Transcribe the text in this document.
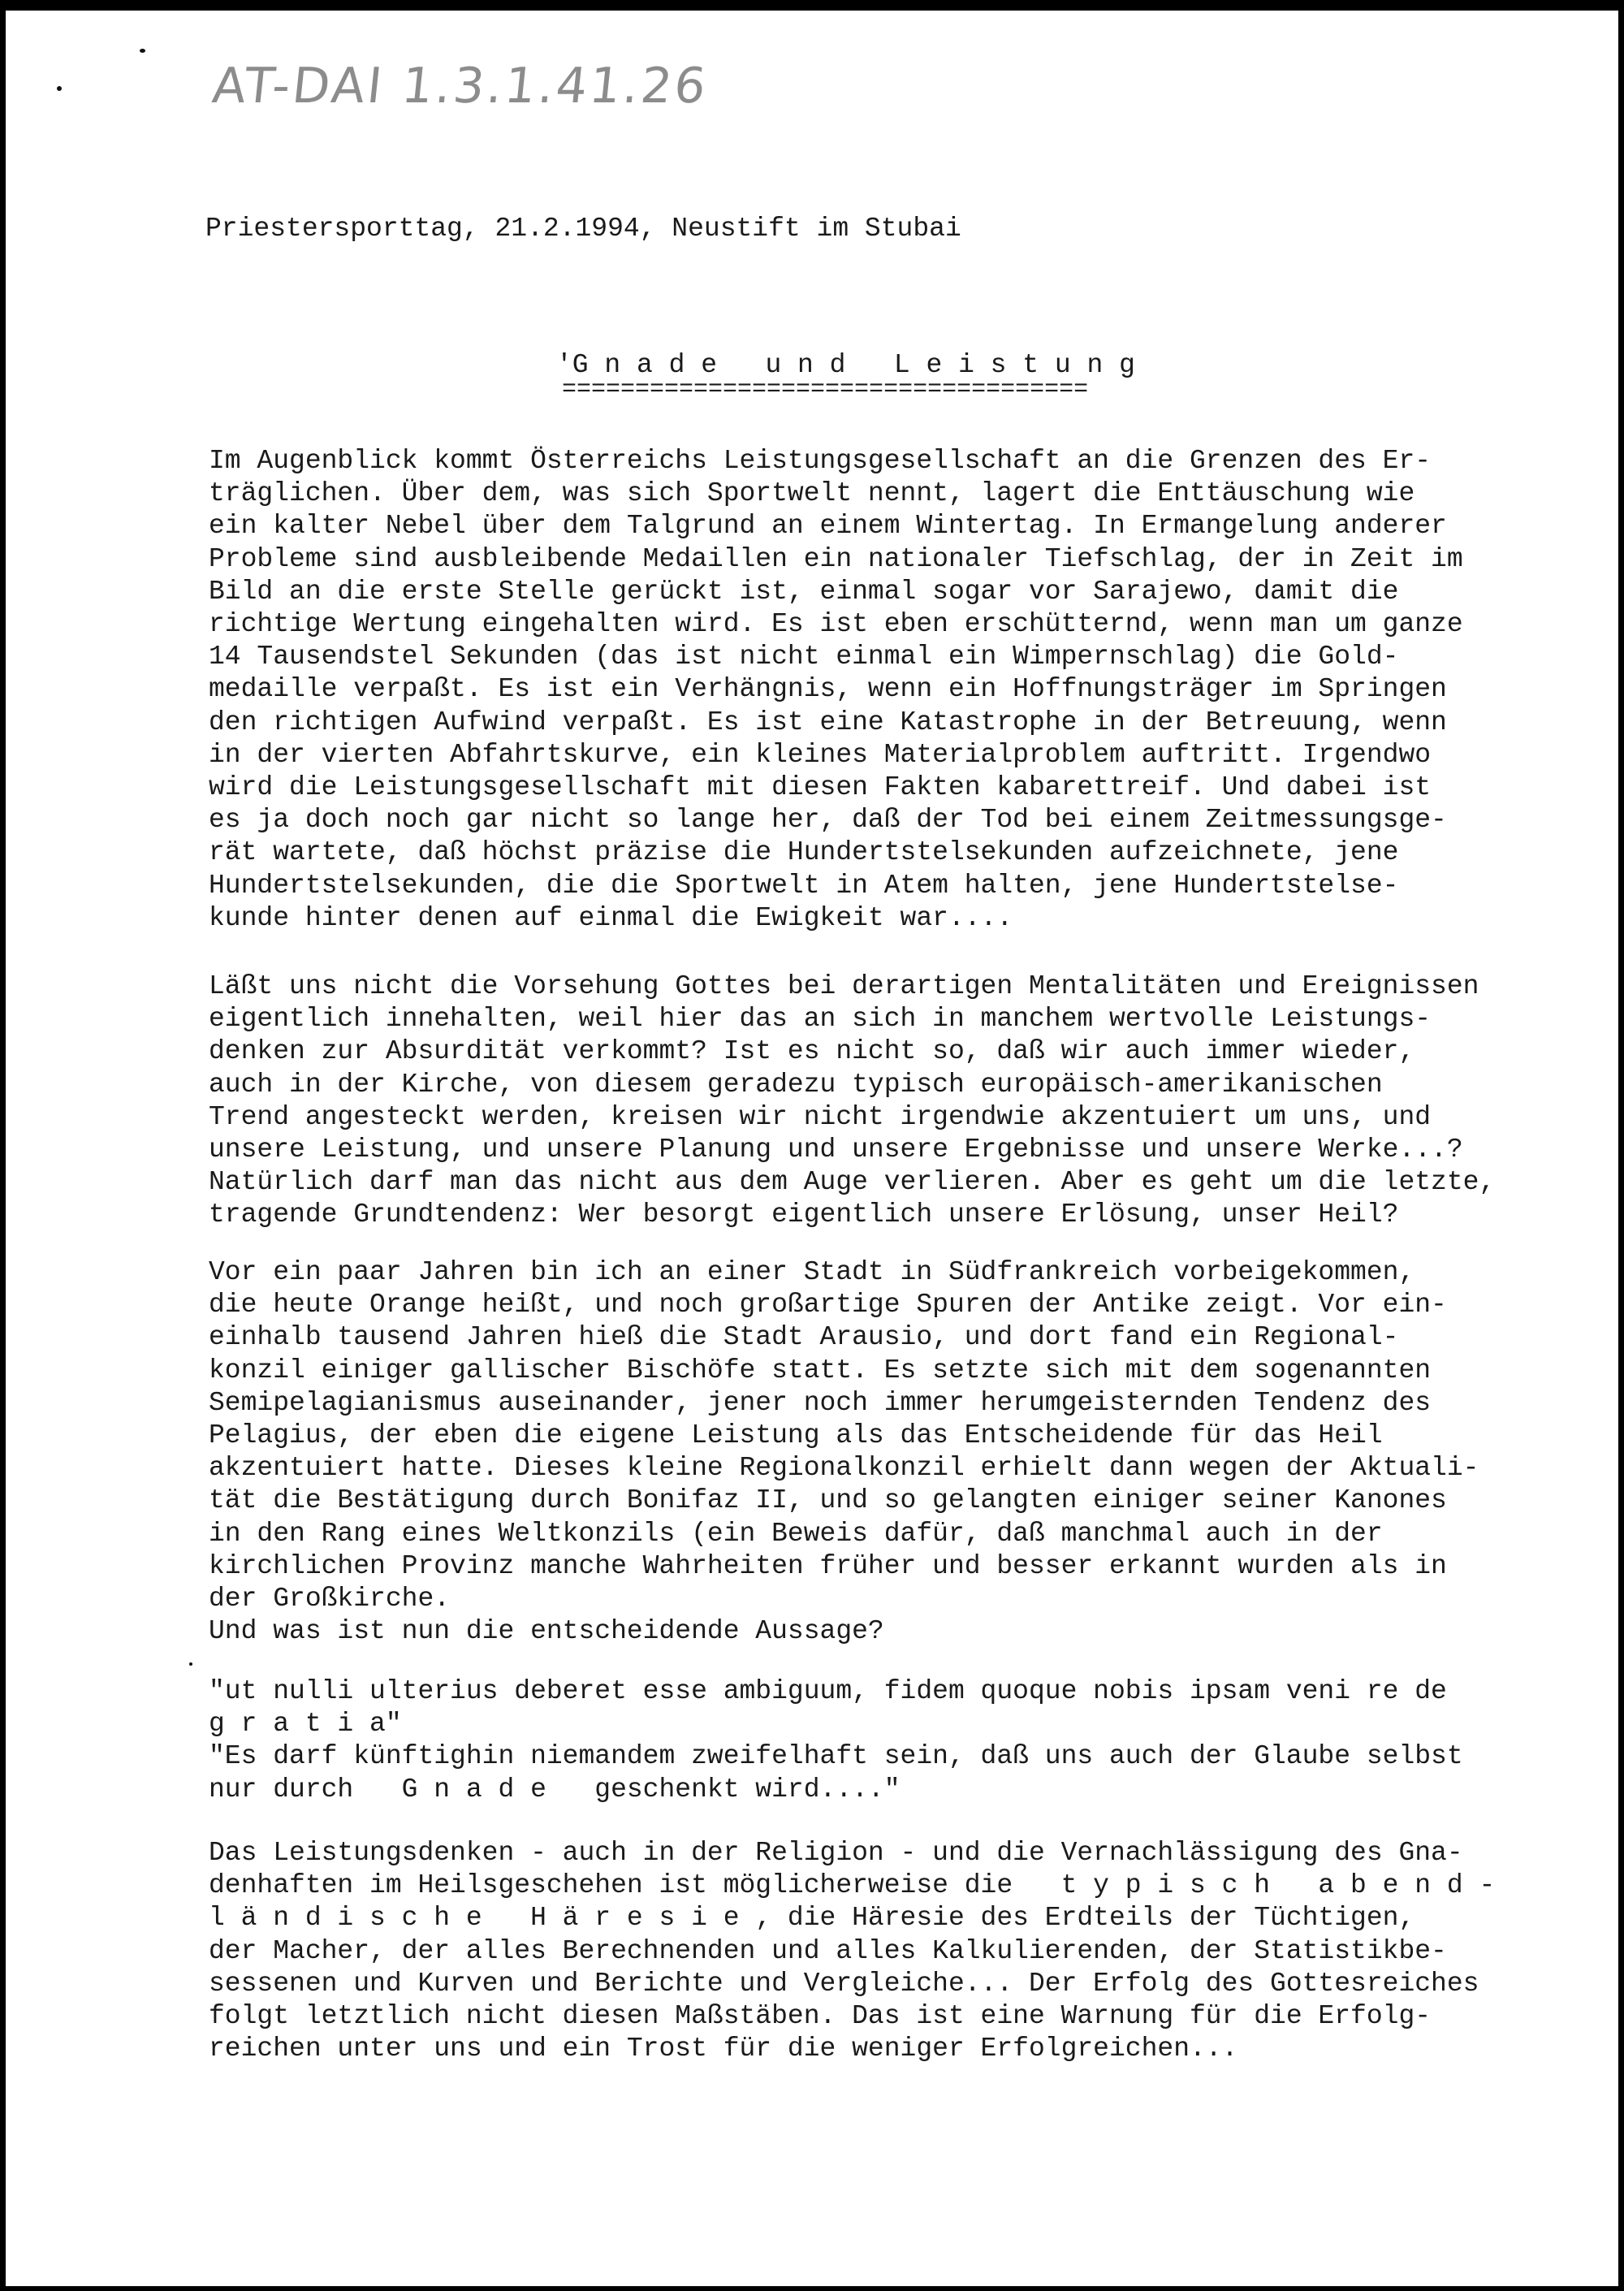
AT-DAI 1.3.1.41.26
Priestersporttag, 21.2.1994, Neustift im Stubai
'G n a d e   u n d   L e i s t u n g
====================================

Im Augenblick kommt Österreichs Leistungsgesellschaft an die Grenzen des Er-
träglichen. Über dem, was sich Sportwelt nennt, lagert die Enttäuschung wie
ein kalter Nebel über dem Talgrund an einem Wintertag. In Ermangelung anderer
Probleme sind ausbleibende Medaillen ein nationaler Tiefschlag, der in Zeit im
Bild an die erste Stelle gerückt ist, einmal sogar vor Sarajewo, damit die
richtige Wertung eingehalten wird. Es ist eben erschütternd, wenn man um ganze
14 Tausendstel Sekunden (das ist nicht einmal ein Wimpernschlag) die Gold-
medaille verpaßt. Es ist ein Verhängnis, wenn ein Hoffnungsträger im Springen
den richtigen Aufwind verpaßt. Es ist eine Katastrophe in der Betreuung, wenn
in der vierten Abfahrtskurve, ein kleines Materialproblem auftritt. Irgendwo
wird die Leistungsgesellschaft mit diesen Fakten kabarettreif. Und dabei ist
es ja doch noch gar nicht so lange her, daß der Tod bei einem Zeitmessungsge-
rät wartete, daß höchst präzise die Hundertstelsekunden aufzeichnete, jene
Hundertstelsekunden, die die Sportwelt in Atem halten, jene Hundertstelse-
kunde hinter denen auf einmal die Ewigkeit war....

Läßt uns nicht die Vorsehung Gottes bei derartigen Mentalitäten und Ereignissen
eigentlich innehalten, weil hier das an sich in manchem wertvolle Leistungs-
denken zur Absurdität verkommt? Ist es nicht so, daß wir auch immer wieder,
auch in der Kirche, von diesem geradezu typisch europäisch-amerikanischen
Trend angesteckt werden, kreisen wir nicht irgendwie akzentuiert um uns, und
unsere Leistung, und unsere Planung und unsere Ergebnisse und unsere Werke...?
Natürlich darf man das nicht aus dem Auge verlieren. Aber es geht um die letzte,
tragende Grundtendenz: Wer besorgt eigentlich unsere Erlösung, unser Heil?

Vor ein paar Jahren bin ich an einer Stadt in Südfrankreich vorbeigekommen,
die heute Orange heißt, und noch großartige Spuren der Antike zeigt. Vor ein-
einhalb tausend Jahren hieß die Stadt Arausio, und dort fand ein Regional-
konzil einiger gallischer Bischöfe statt. Es setzte sich mit dem sogenannten
Semipelagianismus auseinander, jener noch immer herumgeisternden Tendenz des
Pelagius, der eben die eigene Leistung als das Entscheidende für das Heil
akzentuiert hatte. Dieses kleine Regionalkonzil erhielt dann wegen der Aktuali-
tät die Bestätigung durch Bonifaz II, und so gelangten einiger seiner Kanones
in den Rang eines Weltkonzils (ein Beweis dafür, daß manchmal auch in der
kirchlichen Provinz manche Wahrheiten früher und besser erkannt wurden als in
der Großkirche.
Und was ist nun die entscheidende Aussage?

"ut nulli ulterius deberet esse ambiguum, fidem quoque nobis ipsam veni re de
g r a t i a"
"Es darf künftighin niemandem zweifelhaft sein, daß uns auch der Glaube selbst
nur durch   G n a d e   geschenkt wird...."

Das Leistungsdenken - auch in der Religion - und die Vernachlässigung des Gna-
denhaften im Heilsgeschehen ist möglicherweise die   t y p i s c h   a b e n d -
l ä n d i s c h e   H ä r e s i e , die Häresie des Erdteils der Tüchtigen,
der Macher, der alles Berechnenden und alles Kalkulierenden, der Statistikbe-
sessenen und Kurven und Berichte und Vergleiche... Der Erfolg des Gottesreiches
folgt letztlich nicht diesen Maßstäben. Das ist eine Warnung für die Erfolg-
reichen unter uns und ein Trost für die weniger Erfolgreichen...
